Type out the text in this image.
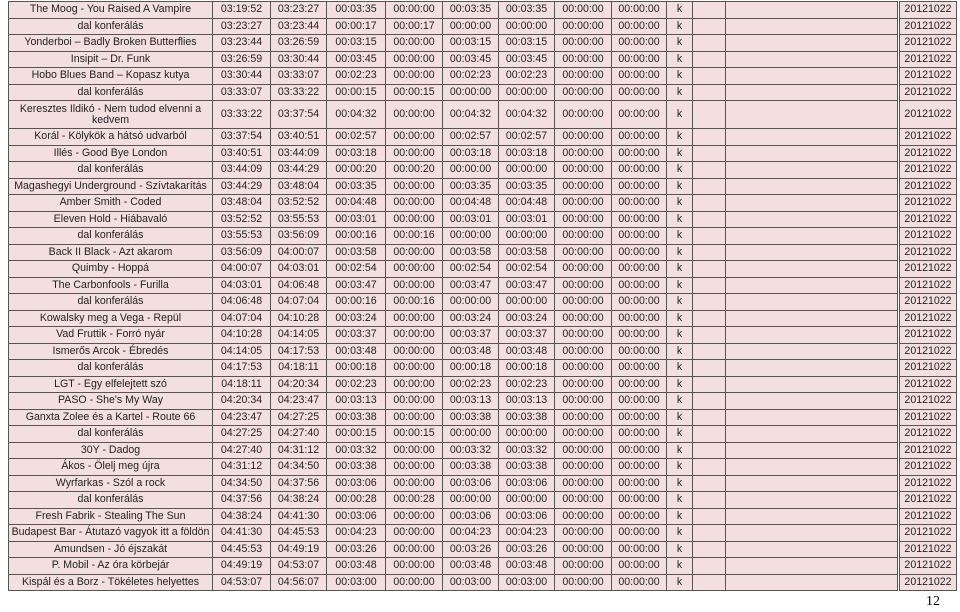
The Moog - You Raised A Vampire	03:19:52	03:23:27	00:03:35	00:00:00	00:03:35	00:03:35	00:00:00	00:00:00	k			20121022
dal konferálás	03:23:27	03:23:44	00:00:17	00:00:17	00:00:00	00:00:00	00:00:00	00:00:00	k			20121022
Yonderboi – Badly Broken Butterflies	03:23:44	03:26:59	00:03:15	00:00:00	00:03:15	00:03:15	00:00:00	00:00:00	k			20121022
Insipit – Dr. Funk	03:26:59	03:30:44	00:03:45	00:00:00	00:03:45	00:03:45	00:00:00	00:00:00	k			20121022
Hobo Blues Band – Kopasz kutya	03:30:44	03:33:07	00:02:23	00:00:00	00:02:23	00:02:23	00:00:00	00:00:00	k			20121022
dal konferálás	03:33:07	03:33:22	00:00:15	00:00:15	00:00:00	00:00:00	00:00:00	00:00:00	k			20121022
Keresztes Ildikó - Nem tudod elvenni a kedvem	03:33:22	03:37:54	00:04:32	00:00:00	00:04:32	00:04:32	00:00:00	00:00:00	k			20121022
Korál - Kölykök a hátsó udvarból	03:37:54	03:40:51	00:02:57	00:00:00	00:02:57	00:02:57	00:00:00	00:00:00	k			20121022
Illés - Good Bye London	03:40:51	03:44:09	00:03:18	00:00:00	00:03:18	00:03:18	00:00:00	00:00:00	k			20121022
dal konferálás	03:44:09	03:44:29	00:00:20	00:00:20	00:00:00	00:00:00	00:00:00	00:00:00	k			20121022
Magashegyi Underground - Szívtakarítás	03:44:29	03:48:04	00:03:35	00:00:00	00:03:35	00:03:35	00:00:00	00:00:00	k			20121022
Amber Smith - Coded	03:48:04	03:52:52	00:04:48	00:00:00	00:04:48	00:04:48	00:00:00	00:00:00	k			20121022
Eleven Hold - Hiábavaló	03:52:52	03:55:53	00:03:01	00:00:00	00:03:01	00:03:01	00:00:00	00:00:00	k			20121022
dal konferálás	03:55:53	03:56:09	00:00:16	00:00:16	00:00:00	00:00:00	00:00:00	00:00:00	k			20121022
Back II Black - Azt akarom	03:56:09	04:00:07	00:03:58	00:00:00	00:03:58	00:03:58	00:00:00	00:00:00	k			20121022
Quimby - Hoppá	04:00:07	04:03:01	00:02:54	00:00:00	00:02:54	00:02:54	00:00:00	00:00:00	k			20121022
The Carbonfools - Furilla	04:03:01	04:06:48	00:03:47	00:00:00	00:03:47	00:03:47	00:00:00	00:00:00	k			20121022
dal konferálás	04:06:48	04:07:04	00:00:16	00:00:16	00:00:00	00:00:00	00:00:00	00:00:00	k			20121022
Kowalsky meg a Vega - Repül	04:07:04	04:10:28	00:03:24	00:00:00	00:03:24	00:03:24	00:00:00	00:00:00	k			20121022
Vad Fruttik - Forró nyár	04:10:28	04:14:05	00:03:37	00:00:00	00:03:37	00:03:37	00:00:00	00:00:00	k			20121022
Ismerős Arcok - Ébredés	04:14:05	04:17:53	00:03:48	00:00:00	00:03:48	00:03:48	00:00:00	00:00:00	k			20121022
dal konferálás	04:17:53	04:18:11	00:00:18	00:00:00	00:00:18	00:00:18	00:00:00	00:00:00	k			20121022
LGT - Egy elfelejtett szó	04:18:11	04:20:34	00:02:23	00:00:00	00:02:23	00:02:23	00:00:00	00:00:00	k			20121022
PASO - She's My Way	04:20:34	04:23:47	00:03:13	00:00:00	00:03:13	00:03:13	00:00:00	00:00:00	k			20121022
Ganxta Zolee és a Kartel - Route 66	04:23:47	04:27:25	00:03:38	00:00:00	00:03:38	00:03:38	00:00:00	00:00:00	k			20121022
dal konferálás	04:27:25	04:27:40	00:00:15	00:00:15	00:00:00	00:00:00	00:00:00	00:00:00	k			20121022
30Y - Dadog	04:27:40	04:31:12	00:03:32	00:00:00	00:03:32	00:03:32	00:00:00	00:00:00	k			20121022
Ákos - Ölelj meg újra	04:31:12	04:34:50	00:03:38	00:00:00	00:03:38	00:03:38	00:00:00	00:00:00	k			20121022
Wyrfarkas - Szól a rock	04:34:50	04:37:56	00:03:06	00:00:00	00:03:06	00:03:06	00:00:00	00:00:00	k			20121022
dal konferálás	04:37:56	04:38:24	00:00:28	00:00:28	00:00:00	00:00:00	00:00:00	00:00:00	k			20121022
Fresh Fabrik - Stealing The Sun	04:38:24	04:41:30	00:03:06	00:00:00	00:03:06	00:03:06	00:00:00	00:00:00	k			20121022
Budapest Bar - Átutazó vagyok itt a földön	04:41:30	04:45:53	00:04:23	00:00:00	00:04:23	00:04:23	00:00:00	00:00:00	k			20121022
Amundsen - Jó éjszakát	04:45:53	04:49:19	00:03:26	00:00:00	00:03:26	00:03:26	00:00:00	00:00:00	k			20121022
P. Mobil - Az óra körbejár	04:49:19	04:53:07	00:03:48	00:00:00	00:03:48	00:03:48	00:00:00	00:00:00	k			20121022
Kispál és a Borz - Tökéletes helyettes	04:53:07	04:56:07	00:03:00	00:00:00	00:03:00	00:03:00	00:00:00	00:00:00	k			20121022
12
